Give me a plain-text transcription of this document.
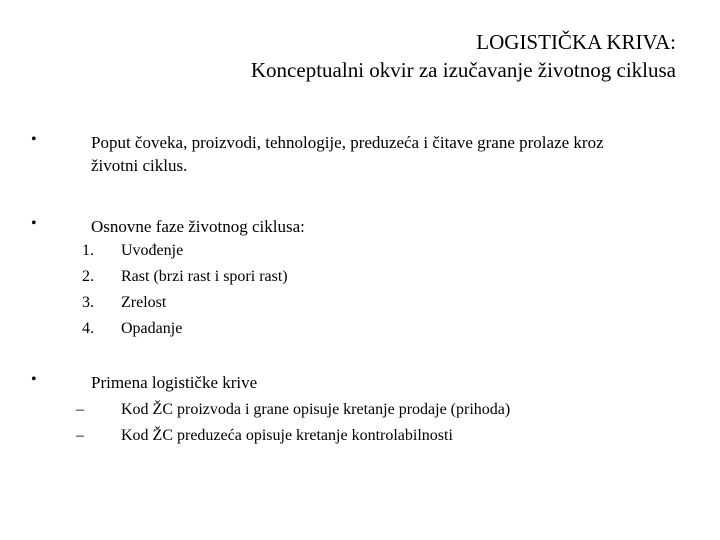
LOGISTIČKA KRIVA:
Konceptualni okvir za izučavanje životnog ciklusa
•	Poput čoveka, proizvodi, tehnologije, preduzeća i čitave grane prolaze kroz životni ciklus.
•	Osnovne faze životnog ciklusa:
1. Uvođenje
2. Rast (brzi rast i spori rast)
3. Zrelost
4. Opadanje
•	Primena logističke krive
– Kod ŽC proizvoda i grane opisuje kretanje prodaje (prihoda)
– Kod ŽC preduzeća opisuje kretanje kontrolabilnosti
